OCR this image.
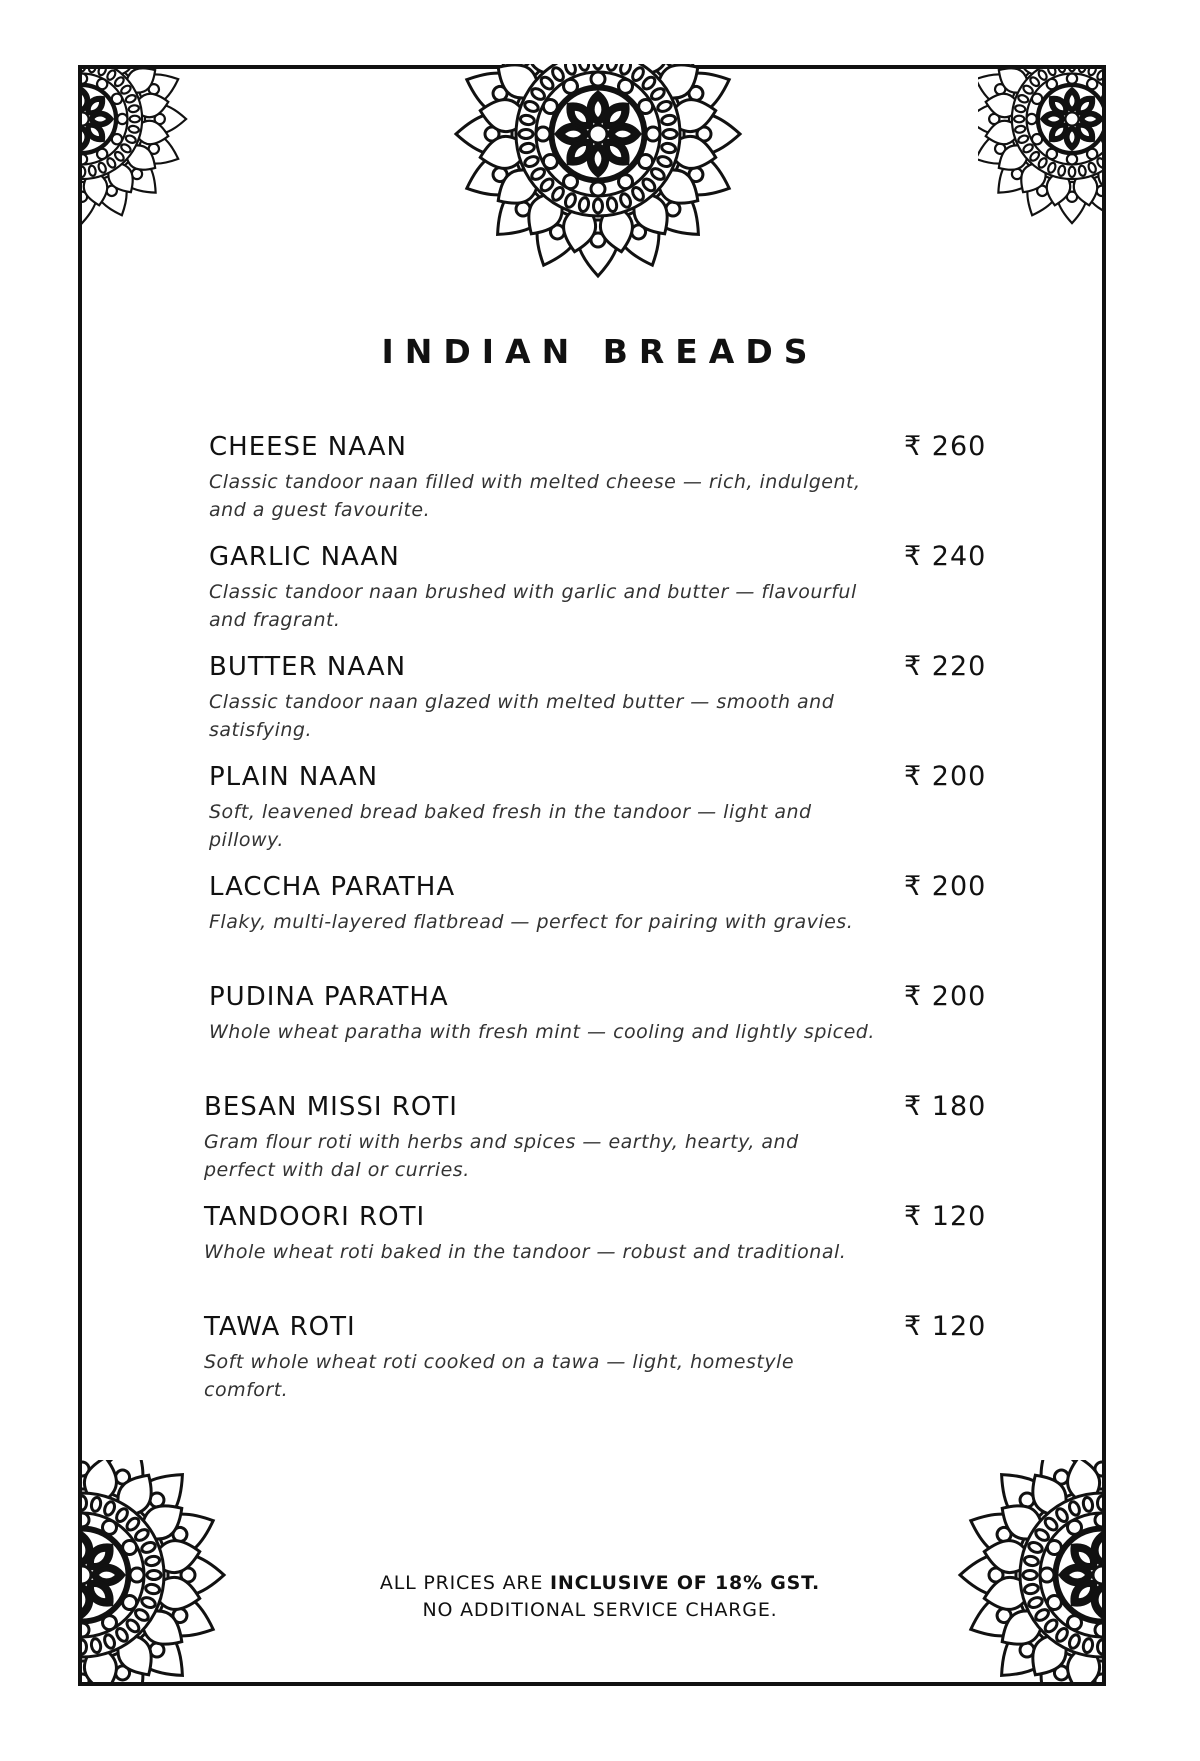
INDIAN BREADS
CHEESE NAAN
Classic tandoor naan filled with melted cheese — rich, indulgent, and a guest favourite.
₹ 260
GARLIC NAAN
Classic tandoor naan brushed with garlic and butter — flavourful and fragrant.
₹ 240
BUTTER NAAN
Classic tandoor naan glazed with melted butter — smooth and satisfying.
₹ 220
PLAIN NAAN
Soft, leavened bread baked fresh in the tandoor — light and pillowy.
₹ 200
LACCHA PARATHA
Flaky, multi-layered flatbread — perfect for pairing with gravies.
₹ 200
PUDINA PARATHA
Whole wheat paratha with fresh mint — cooling and lightly spiced.
₹ 200
BESAN MISSI ROTI
Gram flour roti with herbs and spices — earthy, hearty, and perfect with dal or curries.
₹ 180
TANDOORI ROTI
Whole wheat roti baked in the tandoor — robust and traditional.
₹ 120
TAWA ROTI
Soft whole wheat roti cooked on a tawa — light, homestyle comfort.
₹ 120
ALL PRICES ARE INCLUSIVE OF 18% GST.
NO ADDITIONAL SERVICE CHARGE.
